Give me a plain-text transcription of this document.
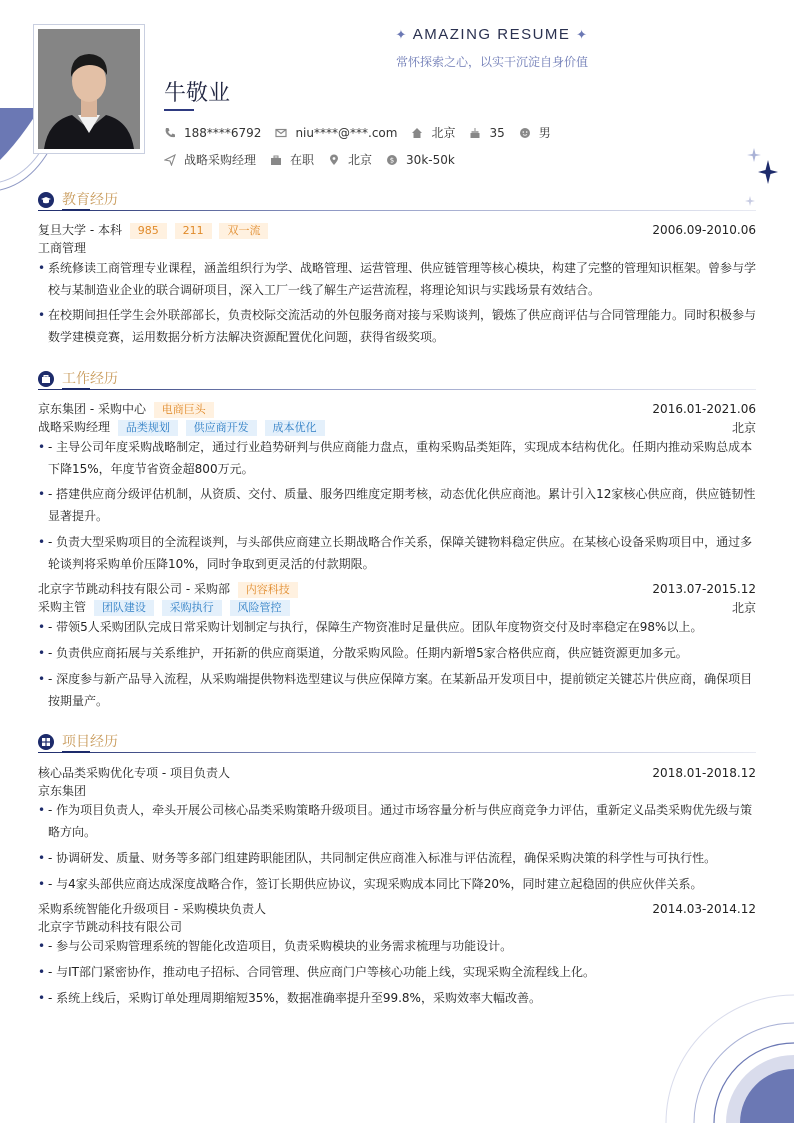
✦ AMAZING RESUME ✦
常怀探索之心，以实干沉淀自身价值
牛敬业
188****6792	niu****@***.com	北京	35	男
战略采购经理	在职	北京	$ 30k-50k
教育经历
复旦大学 - 本科 985 211 双一流	2006.09-2010.06
工商管理
• 系统修读工商管理专业课程，涵盖组织行为学、战略管理、运营管理、供应链管理等核心模块，构建了完整的管理知识框架。曾参与学校与某制造业企业的联合调研项目，深入工厂一线了解生产运营流程，将理论知识与实践场景有效结合。
• 在校期间担任学生会外联部部长，负责校际交流活动的外包服务商对接与采购谈判，锻炼了供应商评估与合同管理能力。同时积极参与数学建模竞赛，运用数据分析方法解决资源配置优化问题，获得省级奖项。
工作经历
京东集团 - 采购中心 电商巨头	2016.01-2021.06
战略采购经理 品类规划 供应商开发 成本优化	北京
• - 主导公司年度采购战略制定，通过行业趋势研判与供应商能力盘点，重构采购品类矩阵，实现成本结构优化。任期内推动采购总成本下降15%，年度节省资金超800万元。
• - 搭建供应商分级评估机制，从资质、交付、质量、服务四维度定期考核，动态优化供应商池。累计引入12家核心供应商，供应链韧性显著提升。
• - 负责大型采购项目的全流程谈判，与头部供应商建立长期战略合作关系，保障关键物料稳定供应。在某核心设备采购项目中，通过多轮谈判将采购单价压降10%，同时争取到更灵活的付款期限。
北京字节跳动科技有限公司 - 采购部 内容科技	2013.07-2015.12
采购主管 团队建设 采购执行 风险管控	北京
• - 带领5人采购团队完成日常采购计划制定与执行，保障生产物资准时足量供应。团队年度物资交付及时率稳定在98%以上。
• - 负责供应商拓展与关系维护，开拓新的供应商渠道，分散采购风险。任期内新增5家合格供应商，供应链资源更加多元。
• - 深度参与新产品导入流程，从采购端提供物料选型建议与供应保障方案。在某新品开发项目中，提前锁定关键芯片供应商，确保项目按期量产。
项目经历
核心品类采购优化专项 - 项目负责人	2018.01-2018.12
京东集团
• - 作为项目负责人，牵头开展公司核心品类采购策略升级项目。通过市场容量分析与供应商竞争力评估，重新定义品类采购优先级与策略方向。
• - 协调研发、质量、财务等多部门组建跨职能团队，共同制定供应商准入标准与评估流程，确保采购决策的科学性与可执行性。
• - 与4家头部供应商达成深度战略合作，签订长期供应协议，实现采购成本同比下降20%，同时建立起稳固的供应伙伴关系。
采购系统智能化升级项目 - 采购模块负责人	2014.03-2014.12
北京字节跳动科技有限公司
• - 参与公司采购管理系统的智能化改造项目，负责采购模块的业务需求梳理与功能设计。
• - 与IT部门紧密协作，推动电子招标、合同管理、供应商门户等核心功能上线，实现采购全流程线上化。
• - 系统上线后，采购订单处理周期缩短35%，数据准确率提升至99.8%，采购效率大幅改善。
